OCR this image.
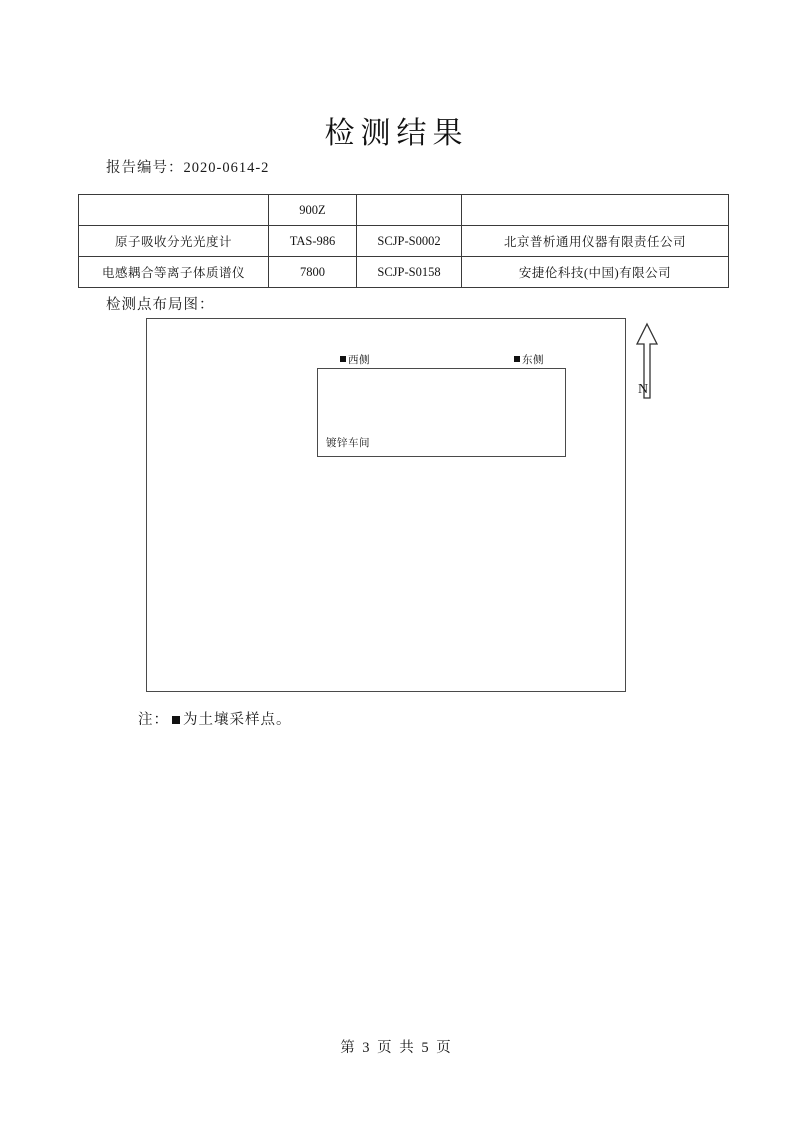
检测结果
报告编号：2020-0614-2
	900Z		
原子吸收分光光度计	TAS-986	SCJP-S0002	北京普析通用仪器有限责任公司
电感耦合等离子体质谱仪	7800	SCJP-S0158	安捷伦科技(中国)有限公司
检测点布局图：
西侧	东侧
镀锌车间
N
注： 为土壤采样点。
第 3 页 共 5 页
